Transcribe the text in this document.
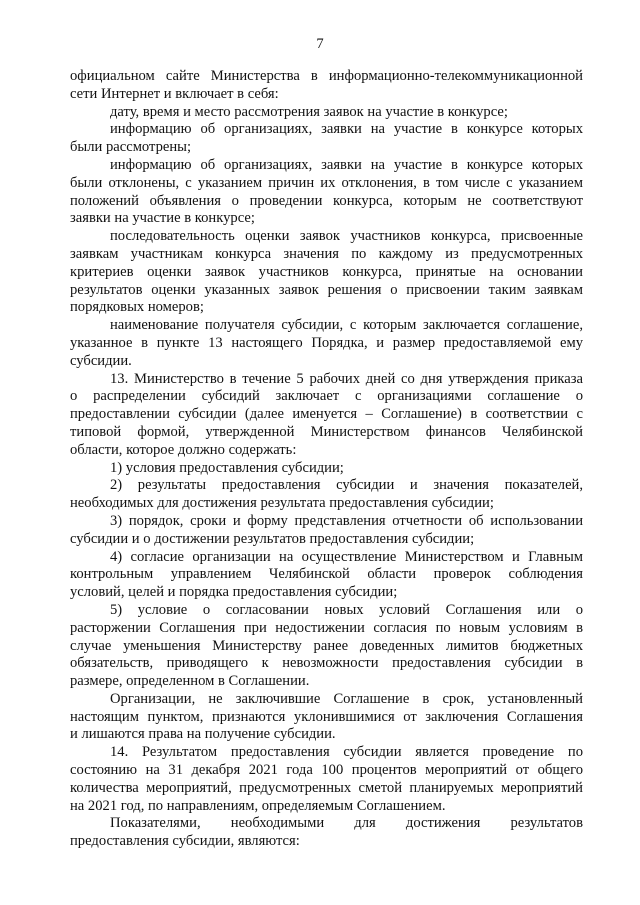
7
официальном сайте Министерства в информационно-телекоммуникационной
сети Интернет и включает в себя:
дату, время и место рассмотрения заявок на участие в конкурсе;
информацию об организациях, заявки на участие в конкурсе которых
были рассмотрены;
информацию об организациях, заявки на участие в конкурсе которых
были отклонены, с указанием причин их отклонения, в том числе с указанием
положений объявления о проведении конкурса, которым не соответствуют
заявки на участие в конкурсе;
последовательность оценки заявок участников конкурса, присвоенные
заявкам участникам конкурса значения по каждому из предусмотренных
критериев оценки заявок участников конкурса, принятые на основании
результатов оценки указанных заявок решения о присвоении таким заявкам
порядковых номеров;
наименование получателя субсидии, с которым заключается соглашение,
указанное в пункте 13 настоящего Порядка, и размер предоставляемой ему
субсидии.
13. Министерство в течение 5 рабочих дней со дня утверждения приказа
о распределении субсидий заключает с организациями соглашение о
предоставлении субсидии (далее именуется – Соглашение) в соответствии с
типовой формой, утвержденной Министерством финансов Челябинской
области, которое должно содержать:
1) условия предоставления субсидии;
2) результаты предоставления субсидии и значения показателей,
необходимых для достижения результата предоставления субсидии;
3) порядок, сроки и форму представления отчетности об использовании
субсидии и о достижении результатов предоставления субсидии;
4) согласие организации на осуществление Министерством и Главным
контрольным управлением Челябинской области проверок соблюдения
условий, целей и порядка предоставления субсидии;
5) условие о согласовании новых условий Соглашения или о
расторжении Соглашения при недостижении согласия по новым условиям в
случае уменьшения Министерству ранее доведенных лимитов бюджетных
обязательств, приводящего к невозможности предоставления субсидии в
размере, определенном в Соглашении.
Организации, не заключившие Соглашение в срок, установленный
настоящим пунктом, признаются уклонившимися от заключения Соглашения
и лишаются права на получение субсидии.
14. Результатом предоставления субсидии является проведение по
состоянию на 31 декабря 2021 года 100 процентов мероприятий от общего
количества мероприятий, предусмотренных сметой планируемых мероприятий
на 2021 год, по направлениям, определяемым Соглашением.
Показателями, необходимыми для достижения результатов
предоставления субсидии, являются:
